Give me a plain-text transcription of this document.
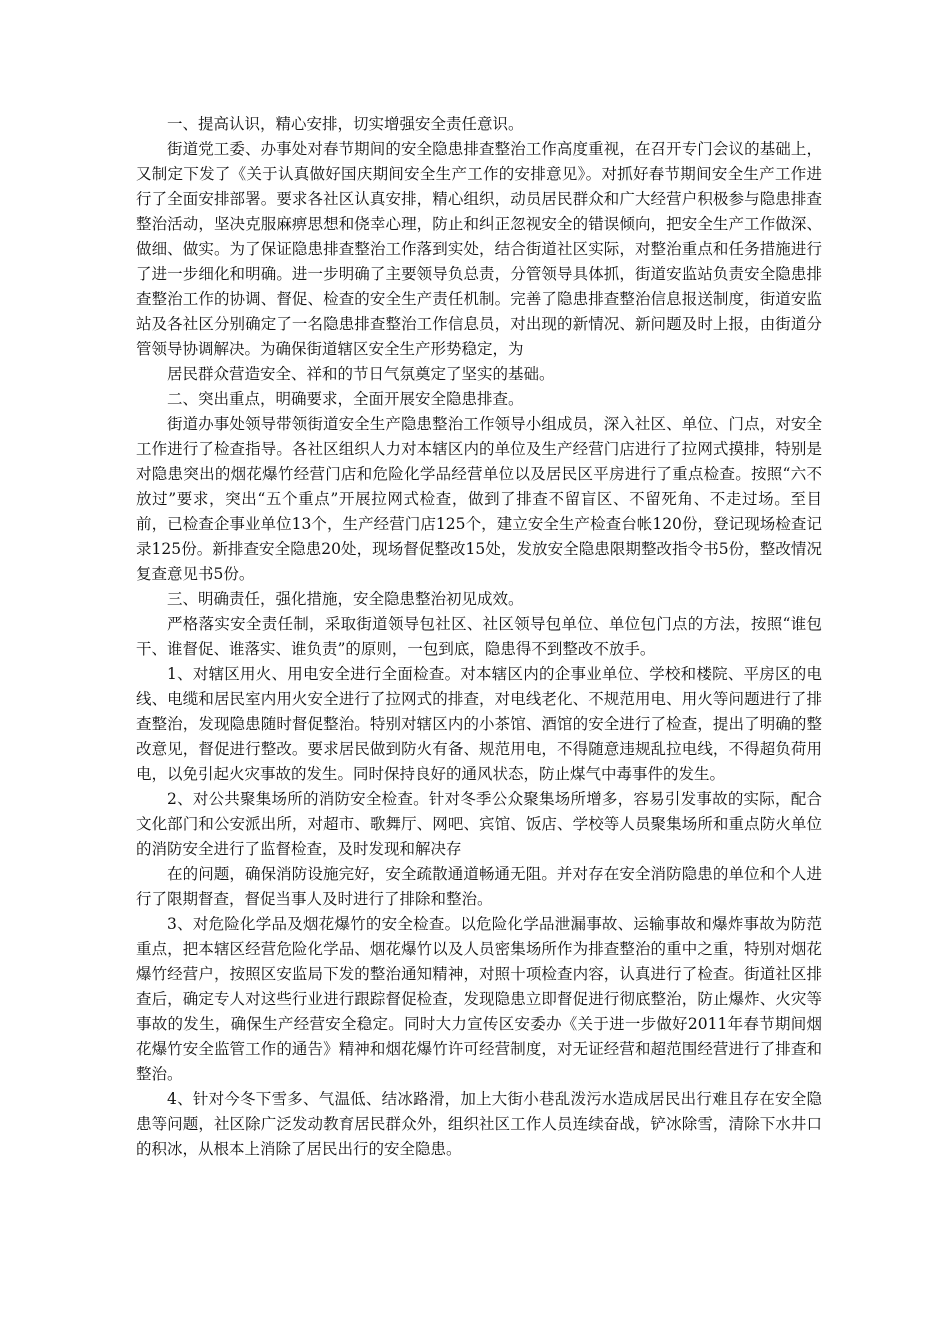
一、提高认识，精心安排，切实增强安全责任意识。

街道党工委、办事处对春节期间的安全隐患排查整治工作高度重视，在召开专门会议的基础上，又制定下发了《关于认真做好国庆期间安全生产工作的安排意见》。对抓好春节期间安全生产工作进行了全面安排部署。要求各社区认真安排，精心组织，动员居民群众和广大经营户积极参与隐患排查整治活动，坚决克服麻痹思想和侥幸心理，防止和纠正忽视安全的错误倾向，把安全生产工作做深、做细、做实。为了保证隐患排查整治工作落到实处，结合街道社区实际，对整治重点和任务措施进行了进一步细化和明确。进一步明确了主要领导负总责，分管领导具体抓，街道安监站负责安全隐患排查整治工作的协调、督促、检查的安全生产责任机制。完善了隐患排查整治信息报送制度，街道安监站及各社区分别确定了一名隐患排查整治工作信息员，对出现的新情况、新问题及时上报，由街道分管领导协调解决。为确保街道辖区安全生产形势稳定，为

居民群众营造安全、祥和的节日气氛奠定了坚实的基础。

二、突出重点，明确要求，全面开展安全隐患排查。

街道办事处领导带领街道安全生产隐患整治工作领导小组成员，深入社区、单位、门点，对安全工作进行了检查指导。各社区组织人力对本辖区内的单位及生产经营门店进行了拉网式摸排，特别是对隐患突出的烟花爆竹经营门店和危险化学品经营单位以及居民区平房进行了重点检查。按照“六不放过”要求，突出“五个重点”开展拉网式检查，做到了排查不留盲区、不留死角、不走过场。至目前，已检查企事业单位13个，生产经营门店125个，建立安全生产检查台帐120份，登记现场检查记录125份。新排查安全隐患20处，现场督促整改15处，发放安全隐患限期整改指令书5份，整改情况复查意见书5份。

三、明确责任，强化措施，安全隐患整治初见成效。

严格落实安全责任制，采取街道领导包社区、社区领导包单位、单位包门点的方法，按照“谁包干、谁督促、谁落实、谁负责”的原则，一包到底，隐患得不到整改不放手。

1、对辖区用火、用电安全进行全面检查。对本辖区内的企事业单位、学校和楼院、平房区的电线、电缆和居民室内用火安全进行了拉网式的排查，对电线老化、不规范用电、用火等问题进行了排查整治，发现隐患随时督促整治。特别对辖区内的小茶馆、酒馆的安全进行了检查，提出了明确的整改意见，督促进行整改。要求居民做到防火有备、规范用电，不得随意违规乱拉电线，不得超负荷用电，以免引起火灾事故的发生。同时保持良好的通风状态，防止煤气中毒事件的发生。

2、对公共聚集场所的消防安全检查。针对冬季公众聚集场所增多，容易引发事故的实际，配合文化部门和公安派出所，对超市、歌舞厅、网吧、宾馆、饭店、学校等人员聚集场所和重点防火单位的消防安全进行了监督检查，及时发现和解决存

在的问题，确保消防设施完好，安全疏散通道畅通无阻。并对存在安全消防隐患的单位和个人进行了限期督查，督促当事人及时进行了排除和整治。

3、对危险化学品及烟花爆竹的安全检查。以危险化学品泄漏事故、运输事故和爆炸事故为防范重点，把本辖区经营危险化学品、烟花爆竹以及人员密集场所作为排查整治的重中之重，特别对烟花爆竹经营户，按照区安监局下发的整治通知精神，对照十项检查内容，认真进行了检查。街道社区排查后，确定专人对这些行业进行跟踪督促检查，发现隐患立即督促进行彻底整治，防止爆炸、火灾等事故的发生，确保生产经营安全稳定。同时大力宣传区安委办《关于进一步做好2011年春节期间烟花爆竹安全监管工作的通告》精神和烟花爆竹许可经营制度，对无证经营和超范围经营进行了排查和整治。

4、针对今冬下雪多、气温低、结冰路滑，加上大街小巷乱泼污水造成居民出行难且存在安全隐患等问题，社区除广泛发动教育居民群众外，组织社区工作人员连续奋战，铲冰除雪，清除下水井口的积冰，从根本上消除了居民出行的安全隐患。
